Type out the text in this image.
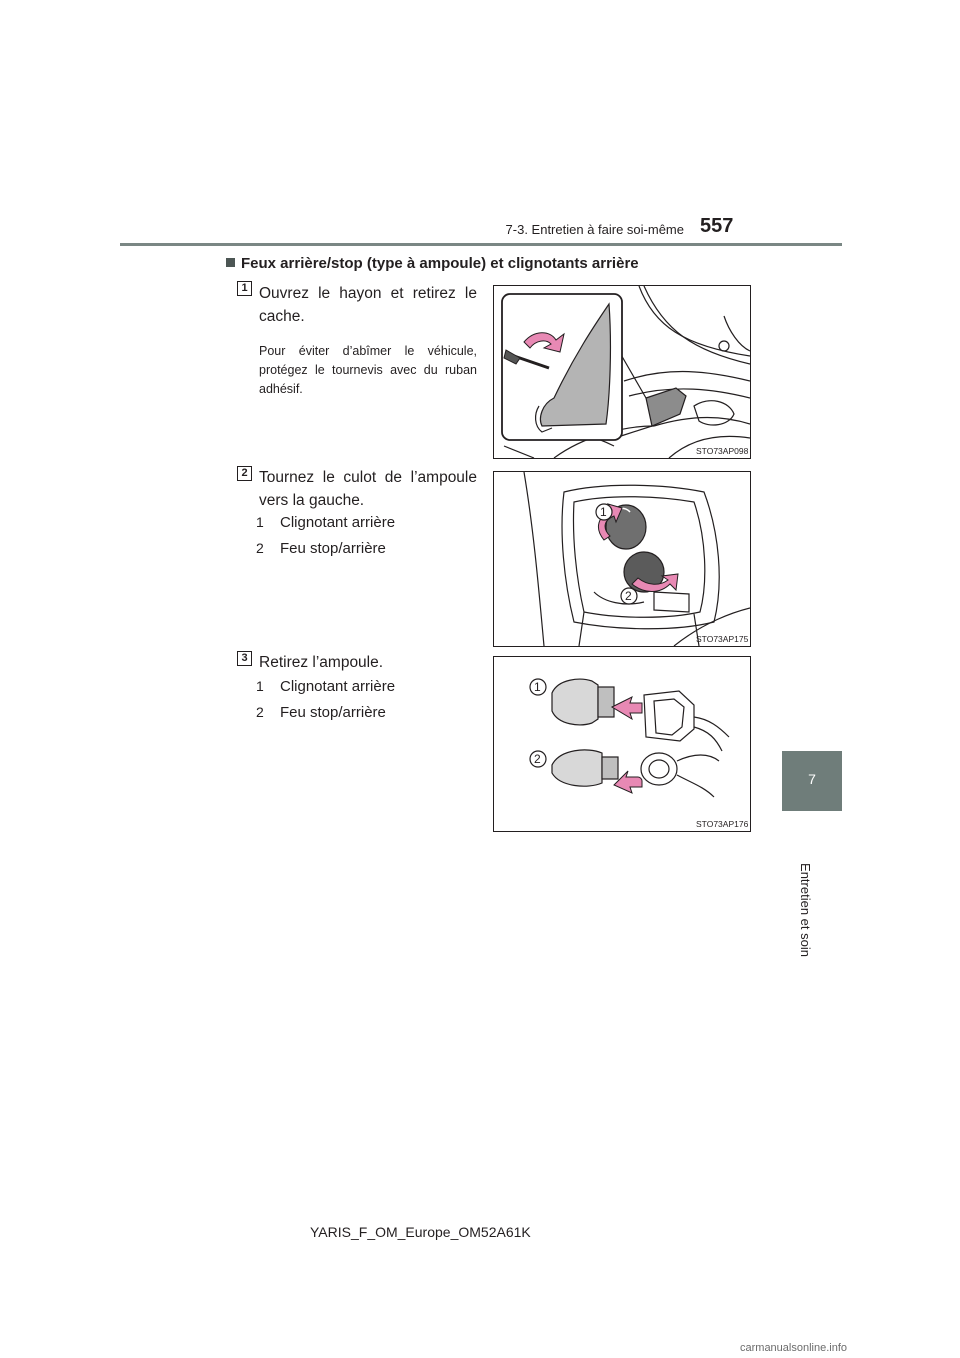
7-3. Entretien à faire soi-même 557
7
Entretien et soin
Feux arrière/stop (type à ampoule) et clignotants arrière
1 Ouvrez le hayon et retirez le cache.
Pour éviter d’abîmer le véhicule, protégez le tournevis avec du ruban adhésif.
STO73AP098
2 Tournez le culot de l’ampoule vers la gauche.
1 Clignotant arrière
2 Feu stop/arrière
1
2
STO73AP175
3 Retirez l’ampoule.
1 Clignotant arrière
2 Feu stop/arrière
1
2
STO73AP176
YARIS_F_OM_Europe_OM52A61K
carmanualsonline.info
